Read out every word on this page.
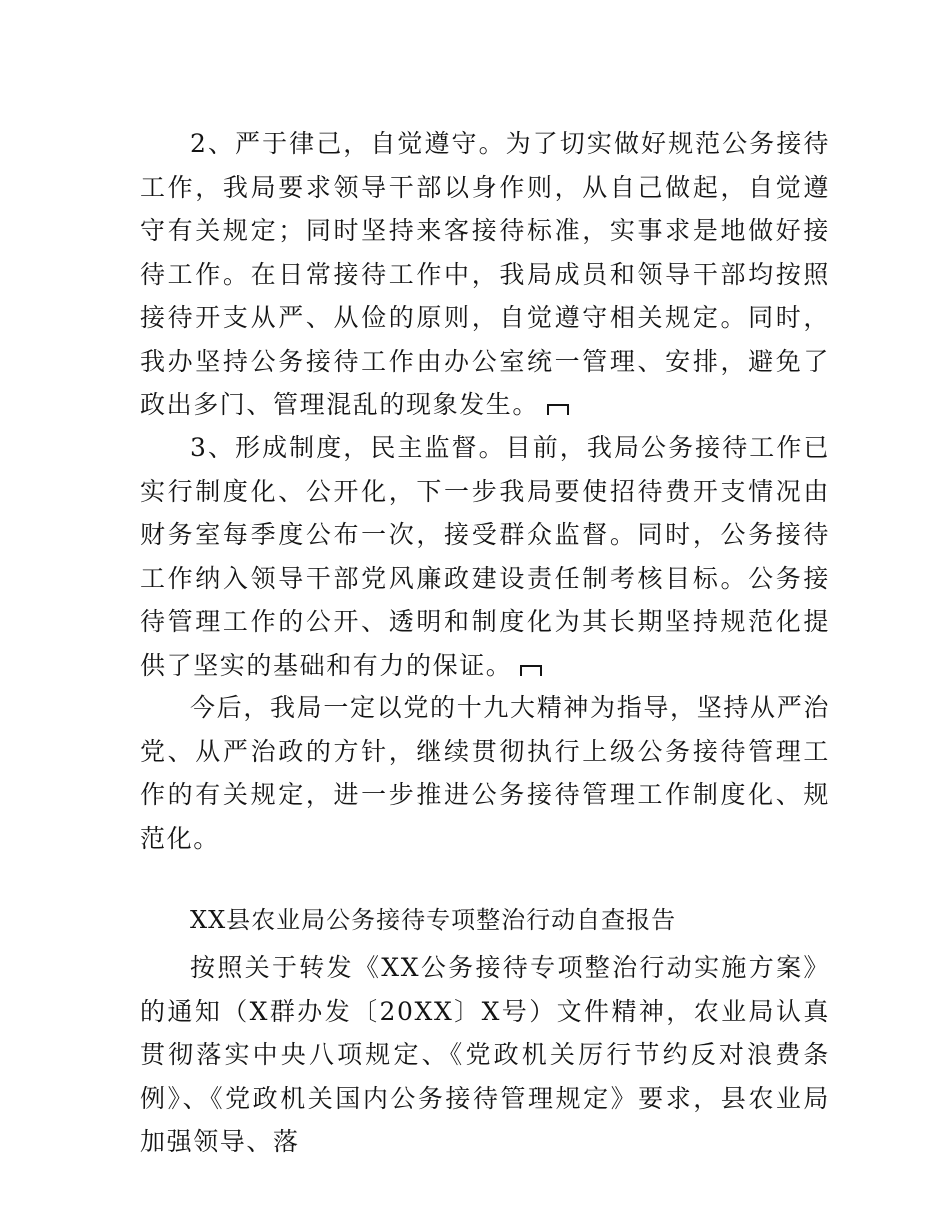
2、严于律己，自觉遵守。为了切实做好规范公务接待工作，我局要求领导干部以身作则，从自己做起，自觉遵守有关规定；同时坚持来客接待标准，实事求是地做好接待工作。在日常接待工作中，我局成员和领导干部均按照接待开支从严、从俭的原则，自觉遵守相关规定。同时，我办坚持公务接待工作由办公室统一管理、安排，避免了政出多门、管理混乱的现象发生。

3、形成制度，民主监督。目前，我局公务接待工作已实行制度化、公开化，下一步我局要使招待费开支情况由财务室每季度公布一次，接受群众监督。同时，公务接待工作纳入领导干部党风廉政建设责任制考核目标。公务接待管理工作的公开、透明和制度化为其长期坚持规范化提供了坚实的基础和有力的保证。

今后，我局一定以党的十九大精神为指导，坚持从严治党、从严治政的方针，继续贯彻执行上级公务接待管理工作的有关规定，进一步推进公务接待管理工作制度化、规范化。

XX县农业局公务接待专项整治行动自查报告

按照关于转发《XX公务接待专项整治行动实施方案》的通知（X群办发〔20XX〕X号）文件精神，农业局认真贯彻落实中央八项规定、《党政机关厉行节约反对浪费条例》、《党政机关国内公务接待管理规定》要求，县农业局加强领导、落
